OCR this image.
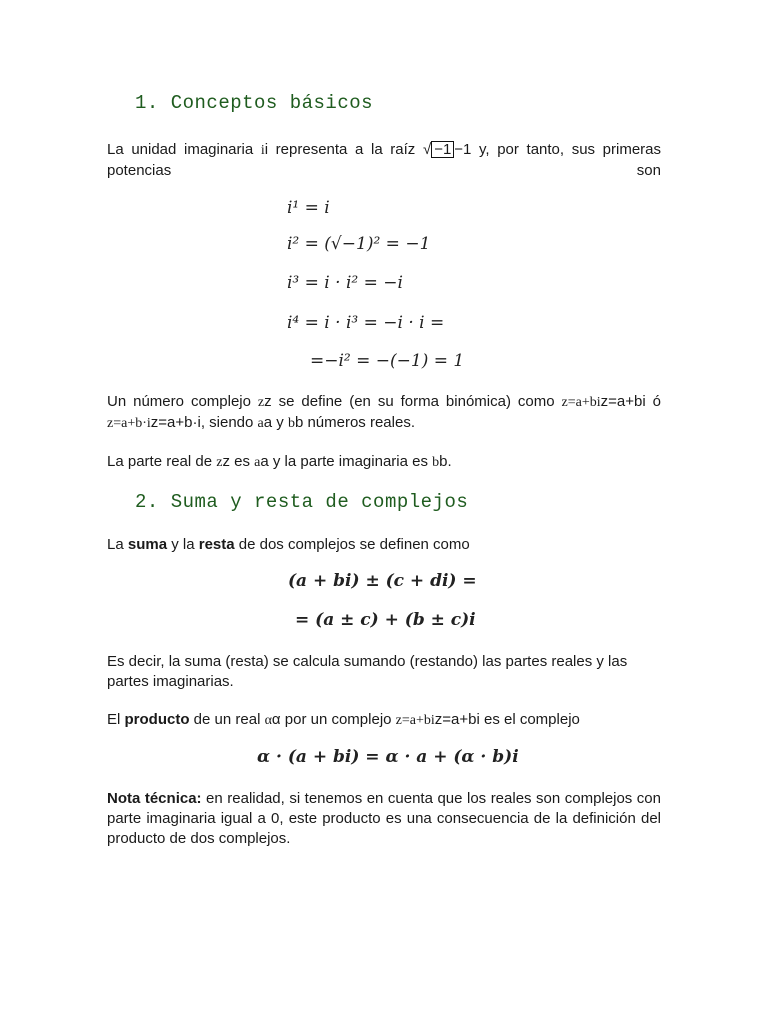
1. Conceptos básicos
La unidad imaginaria ii representa a la raíz √ −1 −1 y, por tanto, sus primeras potencias son
i¹ = i
i² = (√−1)² = −1
i³ = i · i² = −i
i⁴ = i · i³ = −i · i =
=−i² = −(−1) = 1
Un número complejo zz se define (en su forma binómica) como z=a+biz=a+bi ó z=a+b·iz=a+b·i, siendo aa y bb números reales.
La parte real de zz es aa y la parte imaginaria es bb.
2. Suma y resta de complejos
La suma y la resta de dos complejos se definen como
(a + bi) ± (c + di) =
= (a ± c) + (b ± c)i
Es decir, la suma (resta) se calcula sumando (restando) las partes reales y las partes imaginarias.
El producto de un real αα por un complejo z=a+biz=a+bi es el complejo
α · (a + bi) = α · a + (α · b)i
Nota técnica: en realidad, si tenemos en cuenta que los reales son complejos con parte imaginaria igual a 0, este producto es una consecuencia de la definición del producto de dos complejos.
